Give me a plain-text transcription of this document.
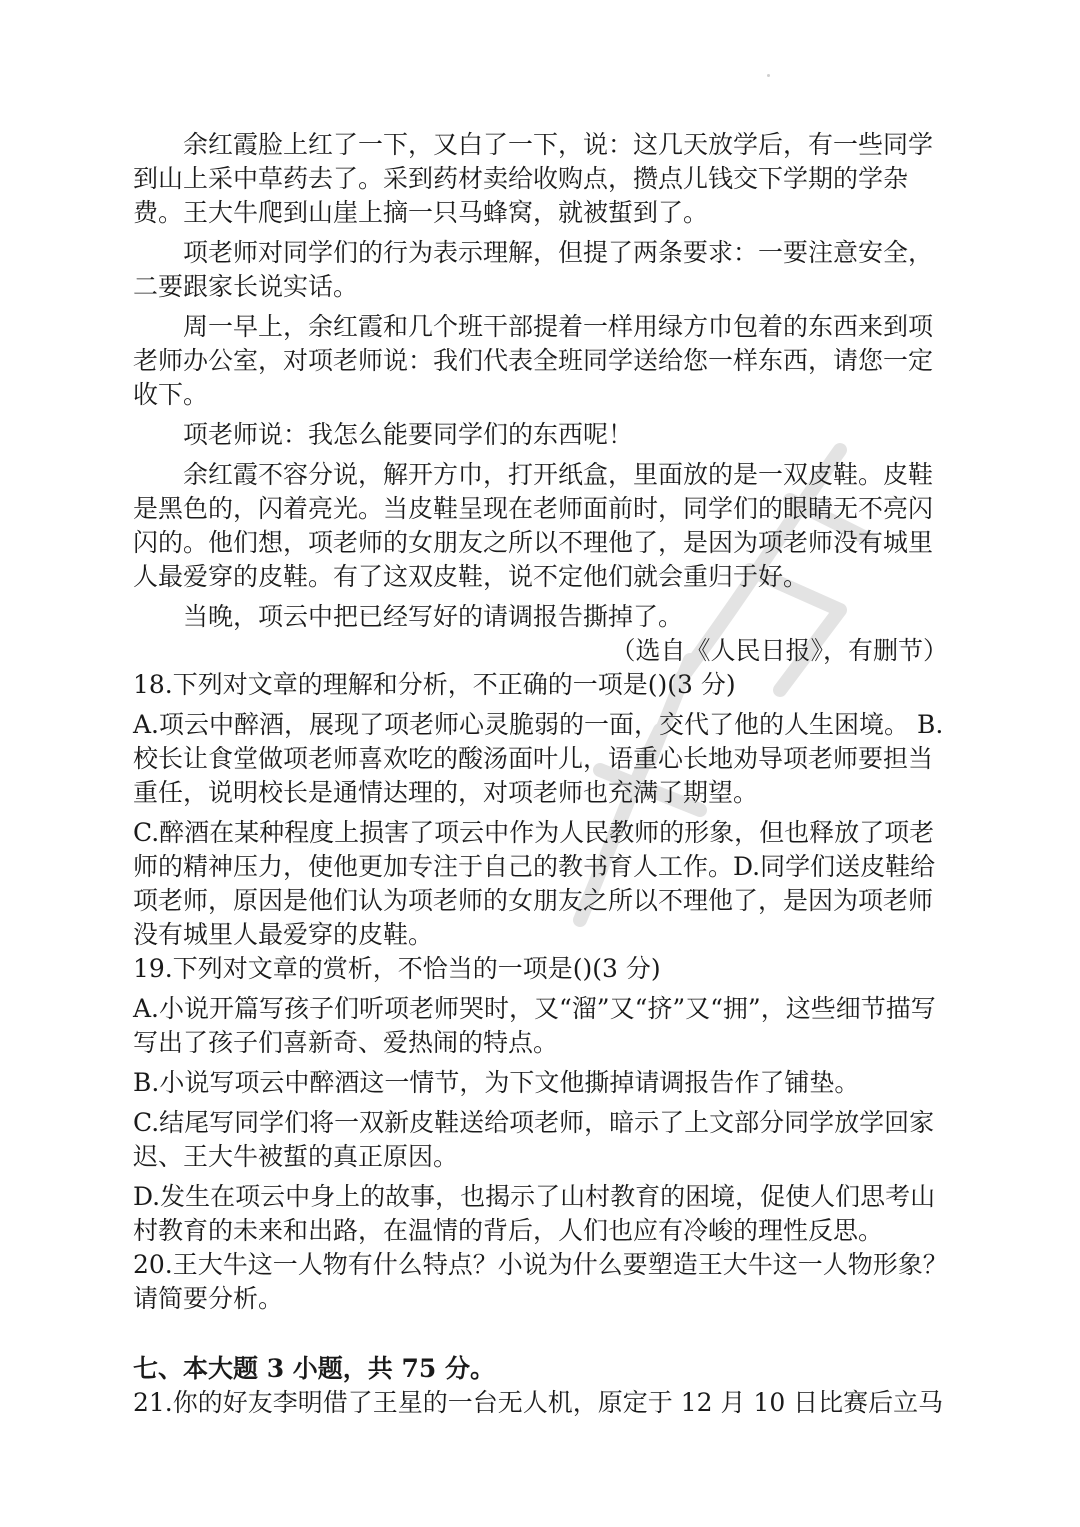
余红霞脸上红了一下，又白了一下，说：这几天放学后，有一些同学到山上采中草药去了。采到药材卖给收购点，攒点儿钱交下学期的学杂费。王大牛爬到山崖上摘一只马蜂窝，就被蜇到了。

项老师对同学们的行为表示理解，但提了两条要求：一要注意安全，二要跟家长说实话。

周一早上，余红霞和几个班干部提着一样用绿方巾包着的东西来到项老师办公室，对项老师说：我们代表全班同学送给您一样东西，请您一定收下。

项老师说：我怎么能要同学们的东西呢！

余红霞不容分说，解开方巾，打开纸盒，里面放的是一双皮鞋。皮鞋是黑色的，闪着亮光。当皮鞋呈现在老师面前时，同学们的眼睛无不亮闪闪的。他们想，项老师的女朋友之所以不理他了，是因为项老师没有城里人最爱穿的皮鞋。有了这双皮鞋，说不定他们就会重归于好。

当晚，项云中把已经写好的请调报告撕掉了。

（选自《人民日报》，有删节）

18.下列对文章的理解和分析，不正确的一项是()(3 分)

A.项云中醉酒，展现了项老师心灵脆弱的一面，交代了他的人生困境。 B.校长让食堂做项老师喜欢吃的酸汤面叶儿，语重心长地劝导项老师要担当重任，说明校长是通情达理的，对项老师也充满了期望。

C.醉酒在某种程度上损害了项云中作为人民教师的形象，但也释放了项老师的精神压力，使他更加专注于自己的教书育人工作。D.同学们送皮鞋给项老师，原因是他们认为项老师的女朋友之所以不理他了，是因为项老师没有城里人最爱穿的皮鞋。

19.下列对文章的赏析，不恰当的一项是()(3 分)

A.小说开篇写孩子们听项老师哭时，又“溜”又“挤”又“拥”，这些细节描写写出了孩子们喜新奇、爱热闹的特点。

B.小说写项云中醉酒这一情节，为下文他撕掉请调报告作了铺垫。

C.结尾写同学们将一双新皮鞋送给项老师，暗示了上文部分同学放学回家迟、王大牛被蜇的真正原因。

D.发生在项云中身上的故事，也揭示了山村教育的困境，促使人们思考山村教育的未来和出路，在温情的背后，人们也应有冷峻的理性反思。

20.王大牛这一人物有什么特点？小说为什么要塑造王大牛这一人物形象？请简要分析。

七、本大题 3 小题，共 75 分。

21.你的好友李明借了王星的一台无人机，原定于 12 月 10 日比赛后立马
